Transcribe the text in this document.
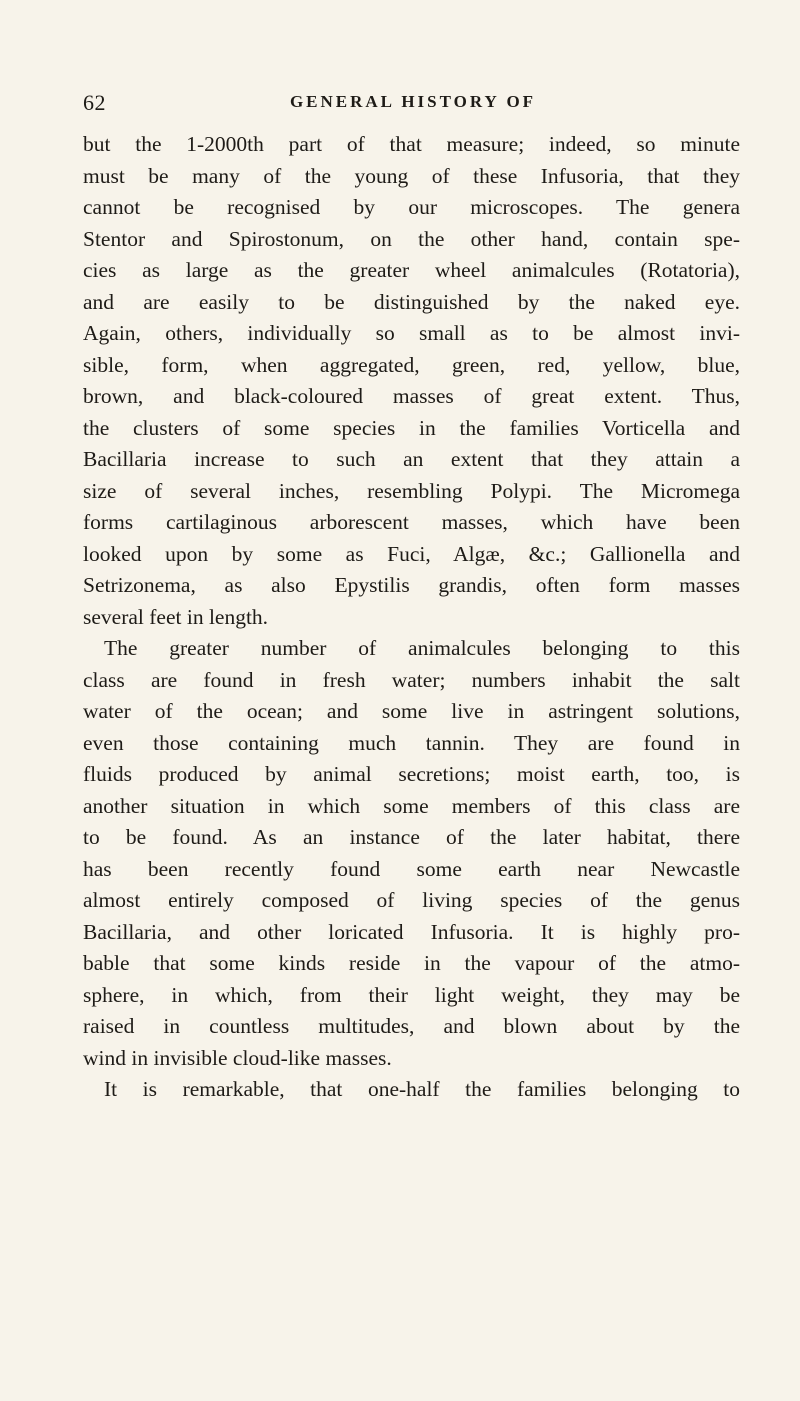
62	GENERAL HISTORY OF
but the 1-2000th part of that measure; indeed, so minute
must be many of the young of these Infusoria, that they
cannot be recognised by our microscopes. The genera
Stentor and Spirostonum, on the other hand, contain spe-
cies as large as the greater wheel animalcules (Rotatoria),
and are easily to be distinguished by the naked eye.
Again, others, individually so small as to be almost invi-
sible, form, when aggregated, green, red, yellow, blue,
brown, and black-coloured masses of great extent. Thus,
the clusters of some species in the families Vorticella and
Bacillaria increase to such an extent that they attain a
size of several inches, resembling Polypi. The Micromega
forms cartilaginous arborescent masses, which have been
looked upon by some as Fuci, Algæ, &c.; Gallionella and
Setrizonema, as also Epystilis grandis, often form masses
several feet in length.
The greater number of animalcules belonging to this
class are found in fresh water; numbers inhabit the salt
water of the ocean; and some live in astringent solutions,
even those containing much tannin. They are found in
fluids produced by animal secretions; moist earth, too, is
another situation in which some members of this class are
to be found. As an instance of the later habitat, there
has been recently found some earth near Newcastle
almost entirely composed of living species of the genus
Bacillaria, and other loricated Infusoria. It is highly pro-
bable that some kinds reside in the vapour of the atmo-
sphere, in which, from their light weight, they may be
raised in countless multitudes, and blown about by the
wind in invisible cloud-like masses.
It is remarkable, that one-half the families belonging to
